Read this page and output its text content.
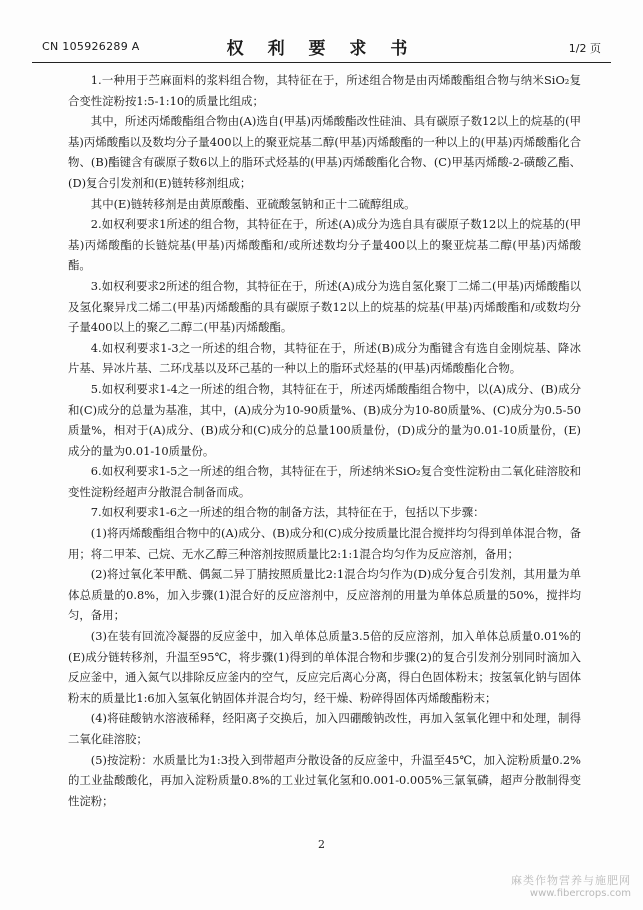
CN 105926289 A	权 利 要 求 书	1/2 页

1.一种用于苎麻面料的浆料组合物，其特征在于，所述组合物是由丙烯酸酯组合物与纳米SiO₂复合变性淀粉按1:5-1:10的质量比组成；

其中，所述丙烯酸酯组合物由(A)选自(甲基)丙烯酸酯改性硅油、具有碳原子数12以上的烷基的(甲基)丙烯酸酯以及数均分子量400以上的聚亚烷基二醇(甲基)丙烯酸酯的一种以上的(甲基)丙烯酸酯化合物、(B)酯键含有碳原子数6以上的脂环式烃基的(甲基)丙烯酸酯化合物、(C)甲基丙烯酸-2-磺酸乙酯、(D)复合引发剂和(E)链转移剂组成；

其中(E)链转移剂是由黄原酸酯、亚硫酸氢钠和正十二硫醇组成。

2.如权利要求1所述的组合物，其特征在于，所述(A)成分为选自具有碳原子数12以上的烷基的(甲基)丙烯酸酯的长链烷基(甲基)丙烯酸酯和/或所述数均分子量400以上的聚亚烷基二醇(甲基)丙烯酸酯。

3.如权利要求2所述的组合物，其特征在于，所述(A)成分为选自氢化聚丁二烯二(甲基)丙烯酸酯以及氢化聚异戊二烯二(甲基)丙烯酸酯的具有碳原子数12以上的烷基的烷基(甲基)丙烯酸酯和/或数均分子量400以上的聚乙二醇二(甲基)丙烯酸酯。

4.如权利要求1-3之一所述的组合物，其特征在于，所述(B)成分为酯键含有选自金刚烷基、降冰片基、异冰片基、二环戊基以及环己基的一种以上的脂环式烃基的(甲基)丙烯酸酯化合物。

5.如权利要求1-4之一所述的组合物，其特征在于，所述丙烯酸酯组合物中，以(A)成分、(B)成分和(C)成分的总量为基准，其中，(A)成分为10-90质量%、(B)成分为10-80质量%、(C)成分为0.5-50质量%，相对于(A)成分、(B)成分和(C)成分的总量100质量份，(D)成分的量为0.01-10质量份，(E)成分的量为0.01-10质量份。

6.如权利要求1-5之一所述的组合物，其特征在于，所述纳米SiO₂复合变性淀粉由二氧化硅溶胶和变性淀粉经超声分散混合制备而成。

7.如权利要求1-6之一所述的组合物的制备方法，其特征在于，包括以下步骤：

(1)将丙烯酸酯组合物中的(A)成分、(B)成分和(C)成分按质量比混合搅拌均匀得到单体混合物，备用；将二甲苯、己烷、无水乙醇三种溶剂按照质量比2:1:1混合均匀作为反应溶剂，备用；

(2)将过氧化苯甲酰、偶氮二异丁腈按照质量比2:1混合均匀作为(D)成分复合引发剂，其用量为单体总质量的0.8%，加入步骤(1)混合好的反应溶剂中，反应溶剂的用量为单体总质量的50%，搅拌均匀，备用；

(3)在装有回流冷凝器的反应釜中，加入单体总质量3.5倍的反应溶剂，加入单体总质量0.01%的(E)成分链转移剂，升温至95℃，将步骤(1)得到的单体混合物和步骤(2)的复合引发剂分别同时滴加入反应釜中，通入氮气以排除反应釜内的空气，反应完后离心分离，得白色固体粉末；按氢氧化钠与固体粉末的质量比1:6加入氢氧化钠固体并混合均匀，经干燥、粉碎得固体丙烯酸酯粉末；

(4)将硅酸钠水溶液稀释，经阳离子交换后，加入四硼酸钠改性，再加入氢氧化锂中和处理，制得二氧化硅溶胶；

(5)按淀粉：水质量比为1:3投入到带超声分散设备的反应釜中，升温至45℃，加入淀粉质量0.2%的工业盐酸酸化，再加入淀粉质量0.8%的工业过氧化氢和0.001-0.005%三氯氧磷，超声分散制得变性淀粉；

2
麻类作物营养与施肥网
www.fibercrops.com
